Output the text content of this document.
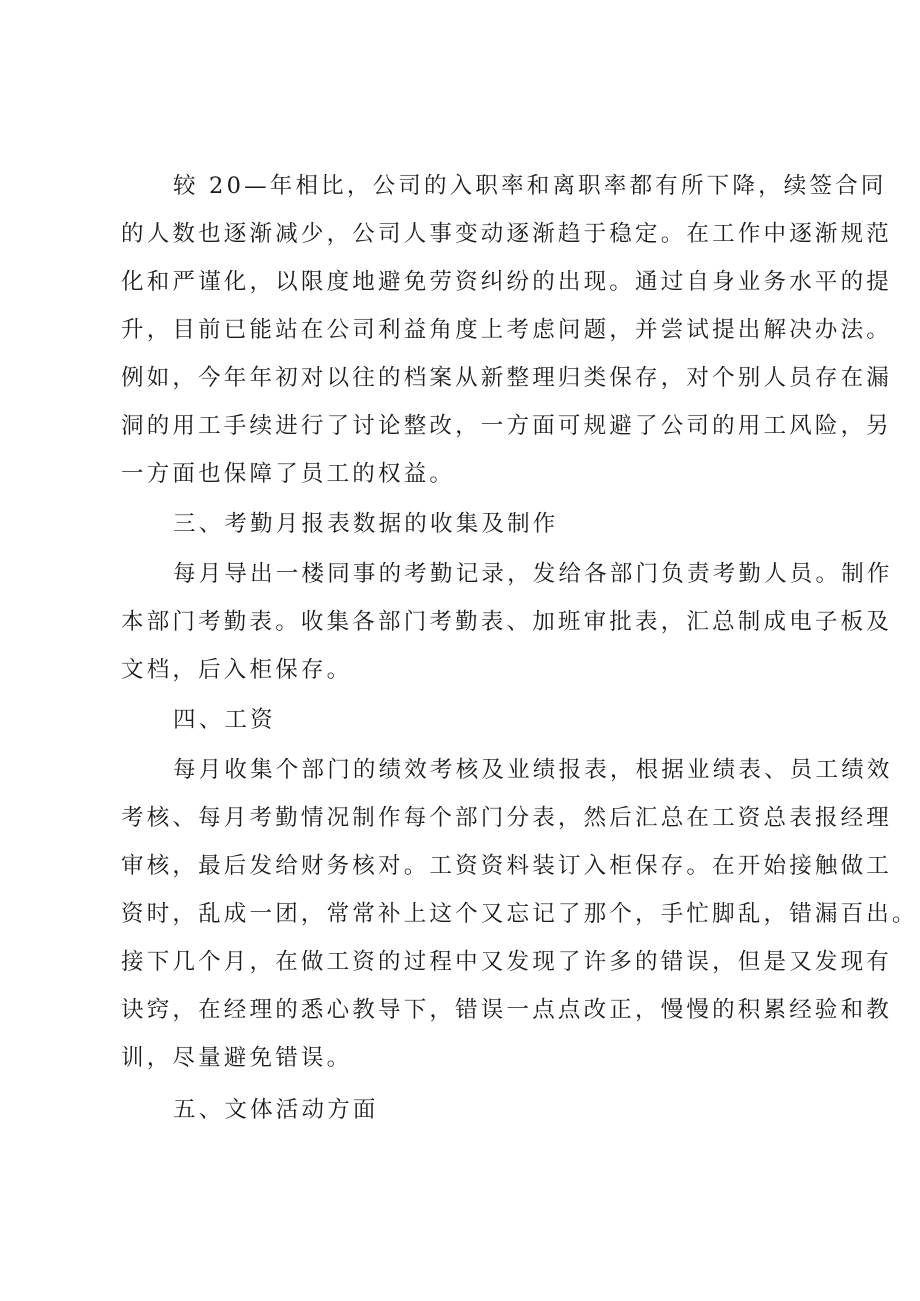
较 20—年相比，公司的入职率和离职率都有所下降，续签合同
的人数也逐渐减少，公司人事变动逐渐趋于稳定。在工作中逐渐规范
化和严谨化，以限度地避免劳资纠纷的出现。通过自身业务水平的提
升，目前已能站在公司利益角度上考虑问题，并尝试提出解决办法。
例如，今年年初对以往的档案从新整理归类保存，对个别人员存在漏
洞的用工手续进行了讨论整改，一方面可规避了公司的用工风险，另
一方面也保障了员工的权益。
三、考勤月报表数据的收集及制作
每月导出一楼同事的考勤记录，发给各部门负责考勤人员。制作
本部门考勤表。收集各部门考勤表、加班审批表，汇总制成电子板及
文档，后入柜保存。
四、工资
每月收集个部门的绩效考核及业绩报表，根据业绩表、员工绩效
考核、每月考勤情况制作每个部门分表，然后汇总在工资总表报经理
审核，最后发给财务核对。工资资料装订入柜保存。在开始接触做工
资时，乱成一团，常常补上这个又忘记了那个，手忙脚乱，错漏百出。
接下几个月，在做工资的过程中又发现了许多的错误，但是又发现有
诀窍，在经理的悉心教导下，错误一点点改正，慢慢的积累经验和教
训，尽量避免错误。
五、文体活动方面
